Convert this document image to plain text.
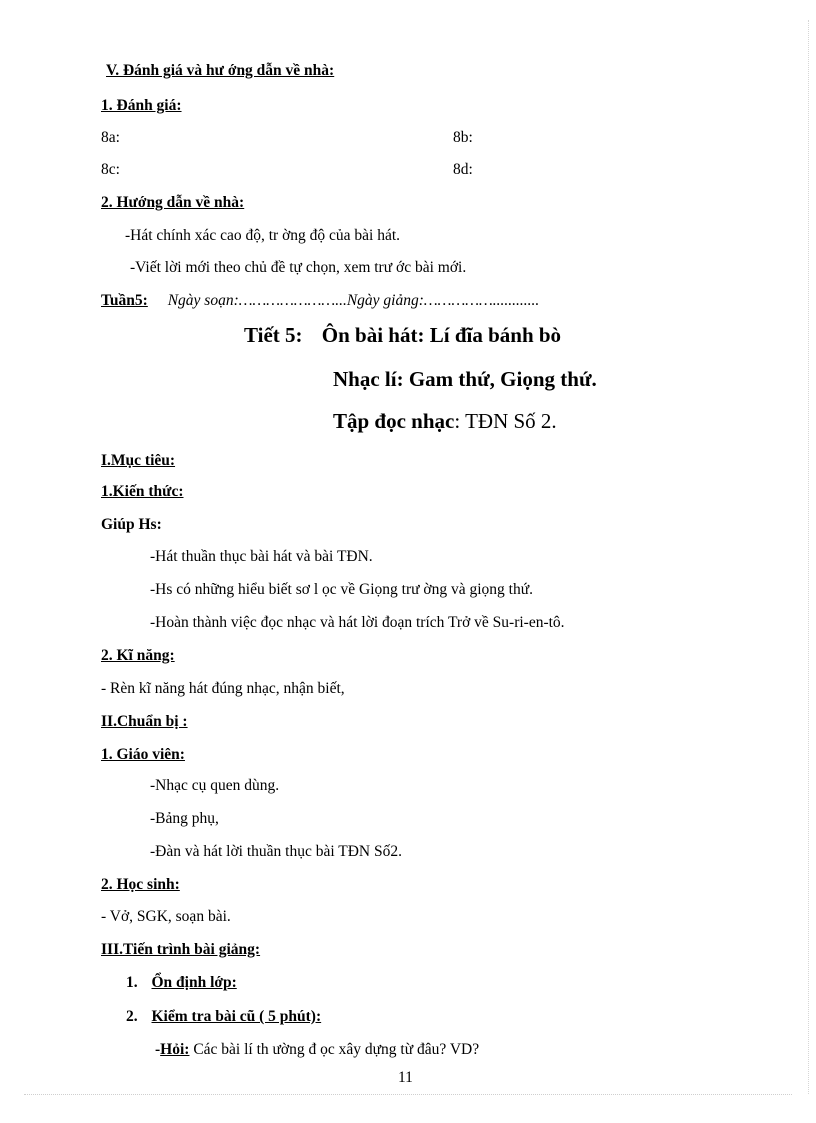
V. Đánh giá và hư ớng dẫn về nhà:
1. Đánh giá:
8a:	8b:
8c:	8d:
2. Hướng dẫn về nhà:
-Hát chính xác cao độ, tr ờng độ của bài hát.
-Viết lời mới theo chủ đề tự chọn, xem trư ớc bài mới.
Tuần5: Ngày soạn:…………………...Ngày giảng:……………............
Tiết 5: Ôn bài hát: Lí đĩa bánh bò
Nhạc lí: Gam thứ, Giọng thứ.
Tập đọc nhạc: TĐN Số 2.
I.Mục tiêu:
1.Kiến thức:
Giúp Hs:
-Hát thuần thục bài hát và bài TĐN.
-Hs có những hiểu biết sơ l ọc về Giọng trư ờng và giọng thứ.
-Hoàn thành việc đọc nhạc và hát lời đoạn trích Trở về Su-ri-en-tô.
2. Kĩ năng:
- Rèn kĩ năng hát đúng nhạc, nhận biết,
II.Chuẩn bị :
1. Giáo viên:
-Nhạc cụ quen dùng.
-Bảng phụ,
-Đàn và hát lời thuần thục bài TĐN Số2.
2. Học sinh:
- Vở, SGK, soạn bài.
III.Tiến trình bài giảng:
1. Ổn định lớp:
2. Kiểm tra bài cũ ( 5 phút):
-Hỏi: Các bài lí th ường đ ọc xây dựng từ đâu? VD?
11
